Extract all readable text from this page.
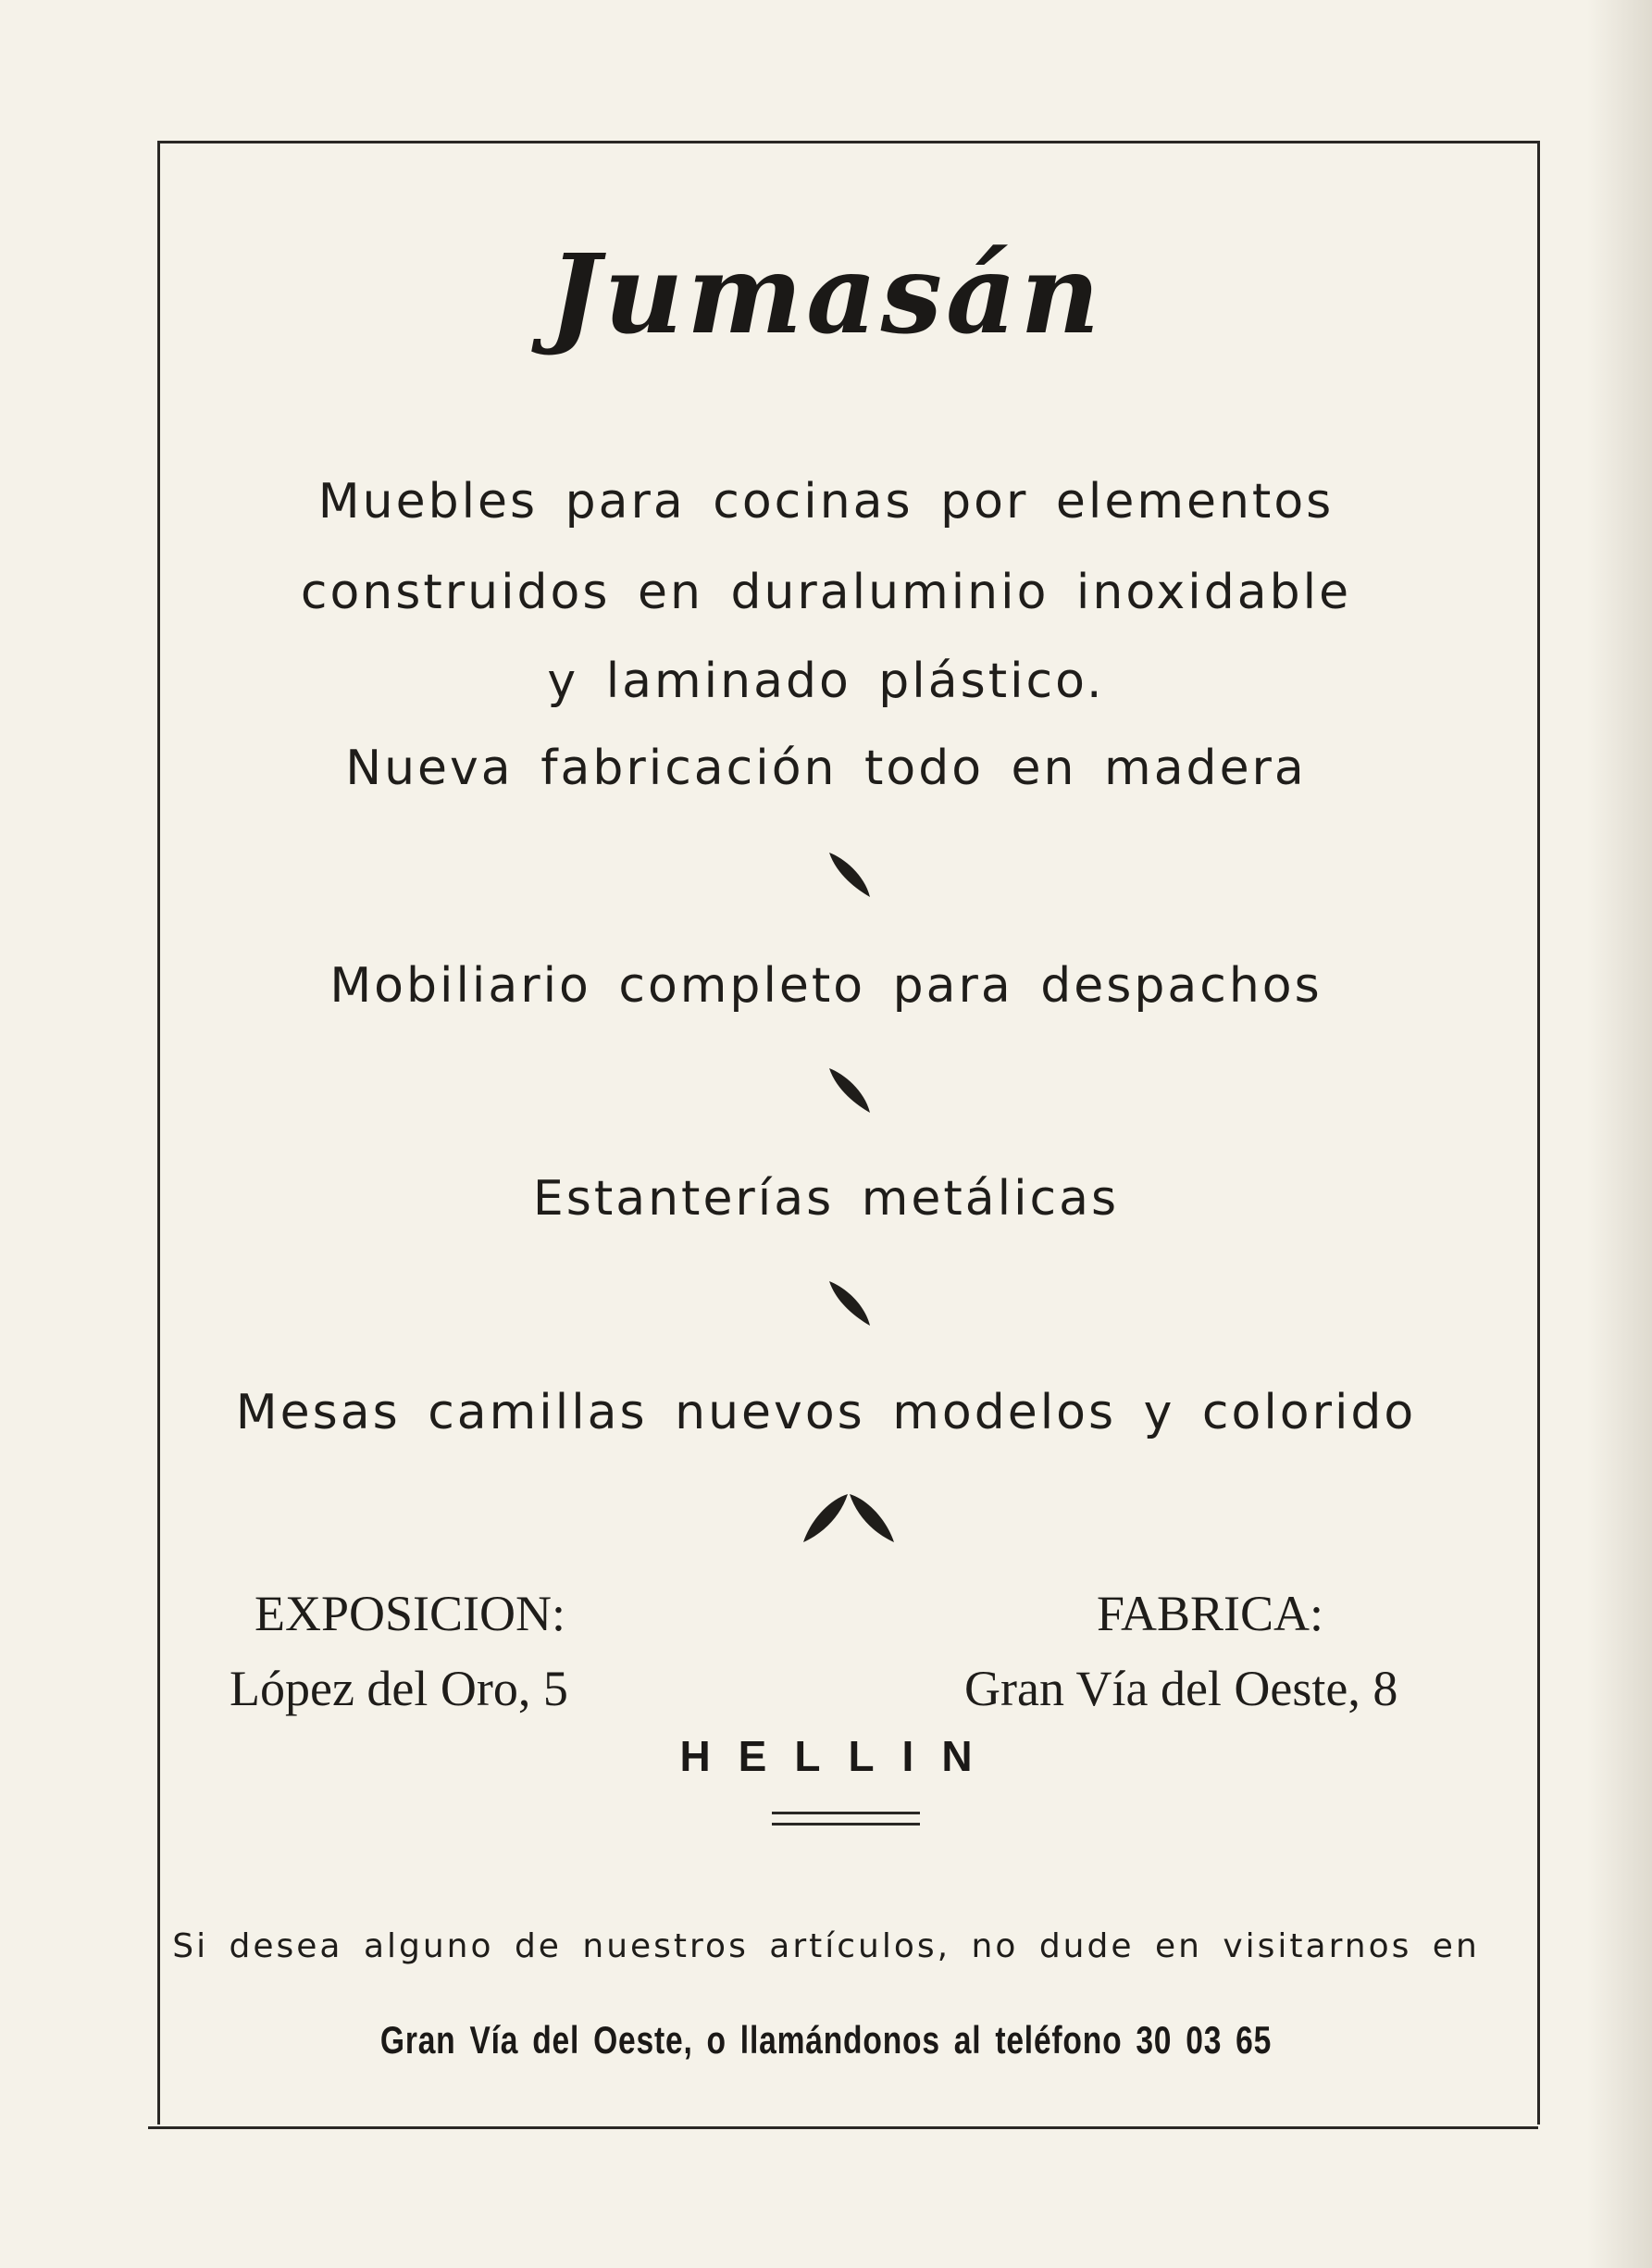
Jumasán
Muebles para cocinas por elementos
construidos en duraluminio inoxidable
y laminado plástico.
Nueva fabricación todo en madera
Mobiliario completo para despachos
Estanterías metálicas
Mesas camillas nuevos modelos y colorido
EXPOSICION:
López del Oro, 5
FABRICA:
Gran Vía del Oeste, 8
HELLIN
Si desea alguno de nuestros artículos, no dude en visitarnos en
Gran Vía del Oeste, o llamándonos al teléfono 30 03 65
